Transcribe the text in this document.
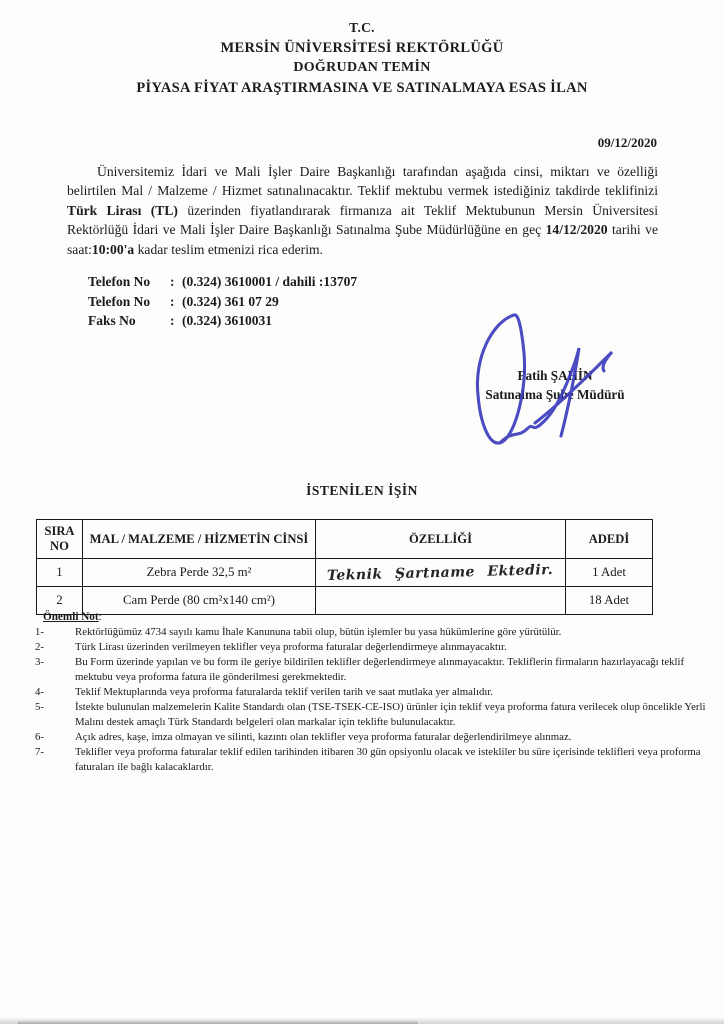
T.C.
MERSİN ÜNİVERSİTESİ REKTÖRLÜĞÜ
DOĞRUDAN TEMİN
PİYASA FİYAT ARAŞTIRMASINA VE SATINALMAYA ESAS İLAN
09/12/2020
Üniversitemiz İdari ve Mali İşler Daire Başkanlığı tarafından aşağıda cinsi, miktarı ve özelliği belirtilen Mal / Malzeme / Hizmet satınalınacaktır. Teklif mektubu vermek istediğiniz takdirde teklifinizi Türk Lirası (TL) üzerinden fiyatlandırarak firmanıza ait Teklif Mektubunun Mersin Üniversitesi Rektörlüğü İdari ve Mali İşler Daire Başkanlığı Satınalma Şube Müdürlüğüne en geç 14/12/2020 tarihi ve saat:10:00'a kadar teslim etmenizi rica ederim.
Telefon No : (0.324) 3610001 / dahili :13707
Telefon No : (0.324) 361 07 29
Faks No	: (0.324) 3610031
Fatih ŞAHİN
Satınalma Şube Müdürü
İSTENİLEN İŞİN
SIRA NO	MAL / MALZEME / HİZMETİN CİNSİ	ÖZELLİĞİ	ADEDİ
1	Zebra Perde 32,5 m²	Teknik Şartname Ektedir.	1 Adet
2	Cam Perde (80 cm²x140 cm²)		18 Adet
Önemli Not:
1-	Rektörlüğümüz 4734 sayılı kamu İhale Kanununa tabii olup, bütün işlemler bu yasa hükümlerine göre yürütülür.
2-	Türk Lirası üzerinden verilmeyen teklifler veya proforma faturalar değerlendirmeye alınmayacaktır.
3-	Bu Form üzerinde yapılan ve bu form ile geriye bildirilen teklifler değerlendirmeye alınmayacaktır. Tekliflerin firmaların hazırlayacağı teklif mektubu veya proforma fatura ile gönderilmesi gerekmektedir.
4-	Teklif Mektuplarında veya proforma faturalarda teklif verilen tarih ve saat mutlaka yer almalıdır.
5-	İstekte bulunulan malzemelerin Kalite Standardı olan (TSE-TSEK-CE-ISO) ürünler için teklif veya proforma fatura verilecek olup öncelikle Yerli Malını destek amaçlı Türk Standardı belgeleri olan markalar için teklifte bulunulacaktır.
6-	Açık adres, kaşe, imza olmayan ve silinti, kazıntı olan teklifler veya proforma faturalar değerlendirilmeye alınmaz.
7-	Teklifler veya proforma faturalar teklif edilen tarihinden itibaren 30 gün opsiyonlu olacak ve istekliler bu süre içerisinde teklifleri veya proforma faturaları ile bağlı kalacaklardır.
